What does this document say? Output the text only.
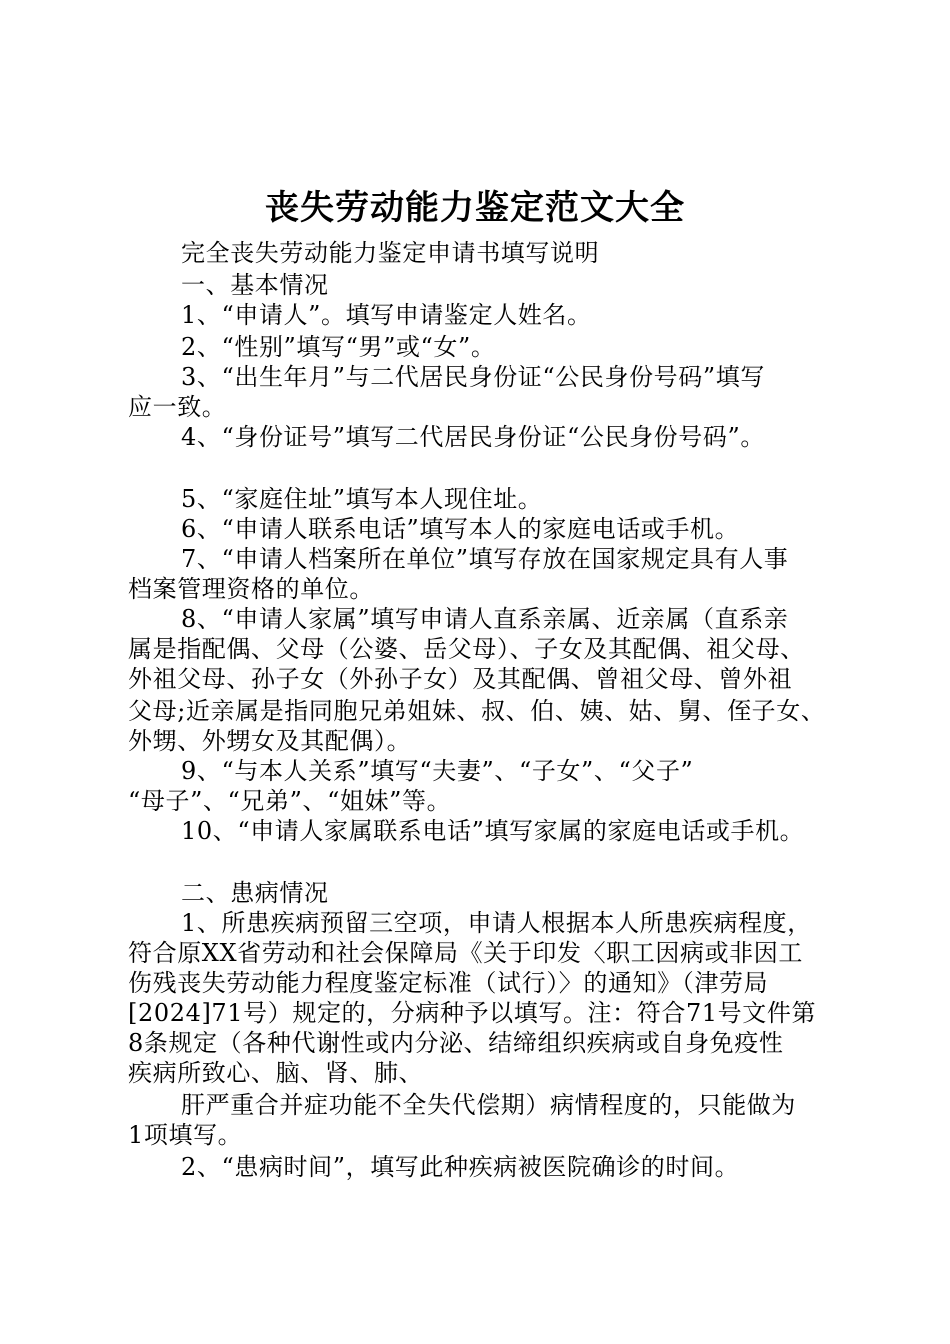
丧失劳动能力鉴定范文大全
完全丧失劳动能力鉴定申请书填写说明
一、基本情况
1、“申请人”。填写申请鉴定人姓名。
2、“性别”填写“男”或“女”。
3、“出生年月”与二代居民身份证“公民身份号码”填写
应一致。
4、“身份证号”填写二代居民身份证“公民身份号码”。
5、“家庭住址”填写本人现住址。
6、“申请人联系电话”填写本人的家庭电话或手机。
7、“申请人档案所在单位”填写存放在国家规定具有人事
档案管理资格的单位。
8、“申请人家属”填写申请人直系亲属、近亲属（直系亲
属是指配偶、父母（公婆、岳父母）、子女及其配偶、祖父母、
外祖父母、孙子女（外孙子女）及其配偶、曾祖父母、曾外祖
父母;近亲属是指同胞兄弟姐妹、叔、伯、姨、姑、舅、侄子女、
外甥、外甥女及其配偶）。
9、“与本人关系”填写“夫妻”、“子女”、“父子”
“母子”、“兄弟”、“姐妹”等。
10、“申请人家属联系电话”填写家属的家庭电话或手机。
二、患病情况
1、所患疾病预留三空项，申请人根据本人所患疾病程度，
符合原XX省劳动和社会保障局《关于印发〈职工因病或非因工
伤残丧失劳动能力程度鉴定标准（试行）〉的通知》（津劳局
[2024]71号）规定的，分病种予以填写。注：符合71号文件第
8条规定（各种代谢性或内分泌、结缔组织疾病或自身免疫性
疾病所致心、脑、肾、肺、
肝严重合并症功能不全失代偿期）病情程度的，只能做为
1项填写。
2、“患病时间”，填写此种疾病被医院确诊的时间。
